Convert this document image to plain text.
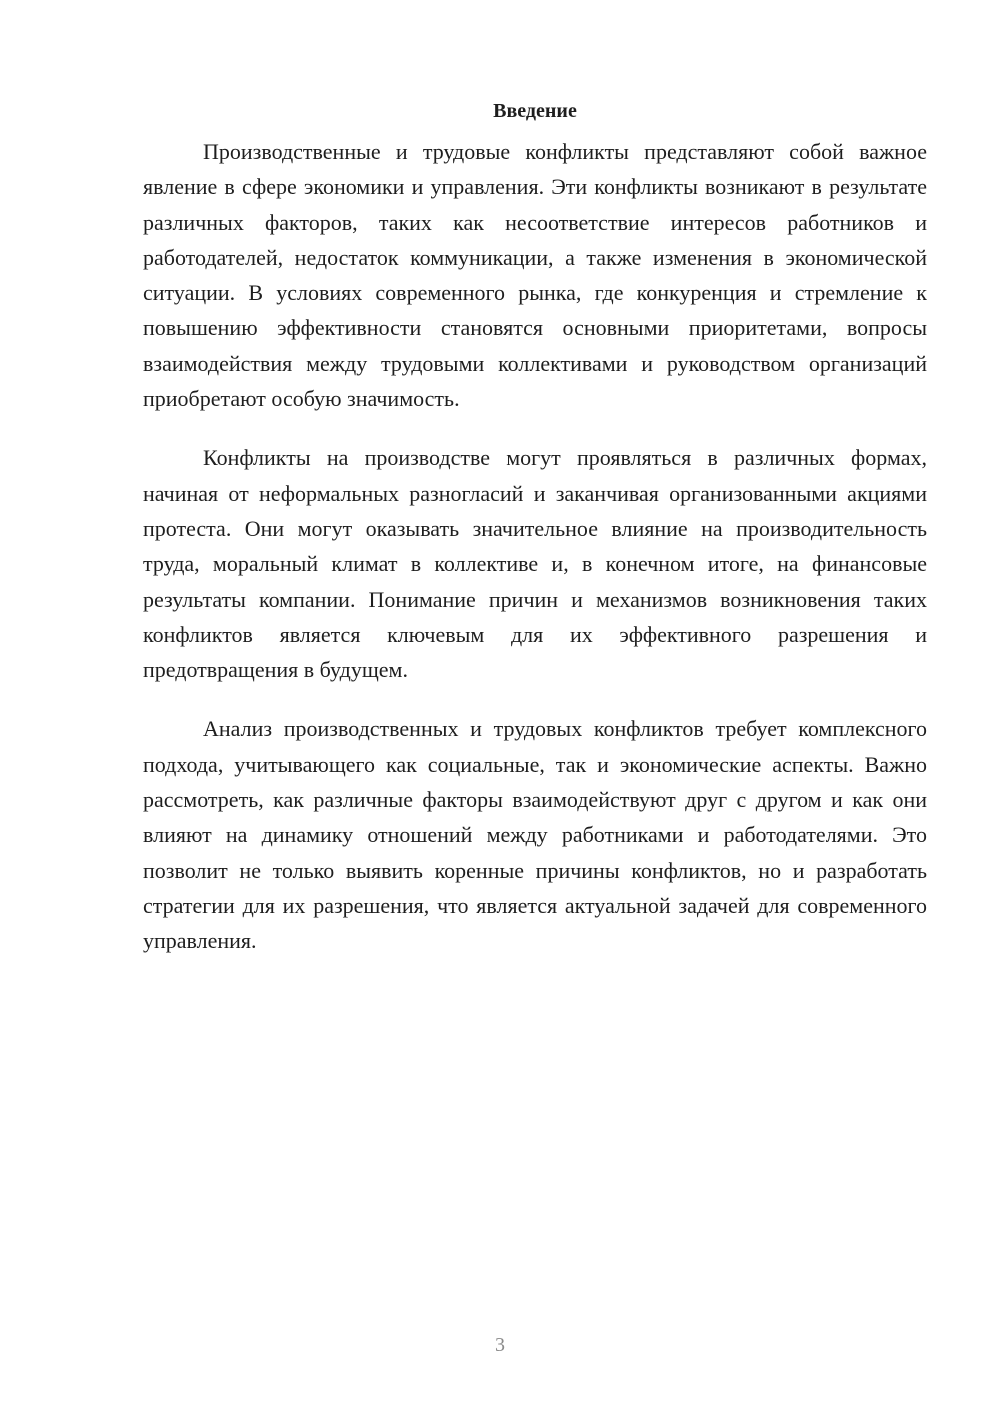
Введение

Производственные и трудовые конфликты представляют собой важное явление в сфере экономики и управления. Эти конфликты возникают в результате различных факторов, таких как несоответствие интересов работников и работодателей, недостаток коммуникации, а также изменения в экономической ситуации. В условиях современного рынка, где конкуренция и стремление к повышению эффективности становятся основными приоритетами, вопросы взаимодействия между трудовыми коллективами и руководством организаций приобретают особую значимость.

Конфликты на производстве могут проявляться в различных формах, начиная от неформальных разногласий и заканчивая организованными акциями протеста. Они могут оказывать значительное влияние на производительность труда, моральный климат в коллективе и, в конечном итоге, на финансовые результаты компании. Понимание причин и механизмов возникновения таких конфликтов является ключевым для их эффективного разрешения и предотвращения в будущем.

Анализ производственных и трудовых конфликтов требует комплексного подхода, учитывающего как социальные, так и экономические аспекты. Важно рассмотреть, как различные факторы взаимодействуют друг с другом и как они влияют на динамику отношений между работниками и работодателями. Это позволит не только выявить коренные причины конфликтов, но и разработать стратегии для их разрешения, что является актуальной задачей для современного управления.

3
